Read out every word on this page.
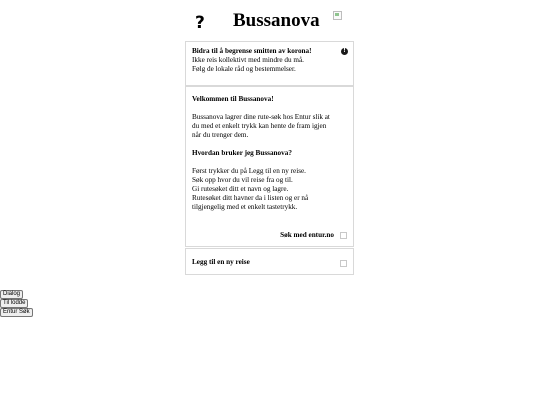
? Bussanova
Bidra til å begrense smitten av korona!
Ikke reis kollektivt med mindre du må.
Følg de lokale råd og bestemmelser.
!
Velkommen til Bussanova!
Bussanova lagrer dine rute-søk hos Entur slik at
du med et enkelt trykk kan hente de fram igjen
når du trenger dem.
Hvordan bruker jeg Bussanova?
Først trykker du på Legg til en ny reise.
Søk opp hvor du vil reise fra og til.
Gi rutesøket ditt et navn og lagre.
Rutesøket ditt havner da i listen og er nå
tilgjengelig med et enkelt tastetrykk.
Søk med entur.no
Legg til en ny reise
Dialog
Til lodde
Entur Søk
